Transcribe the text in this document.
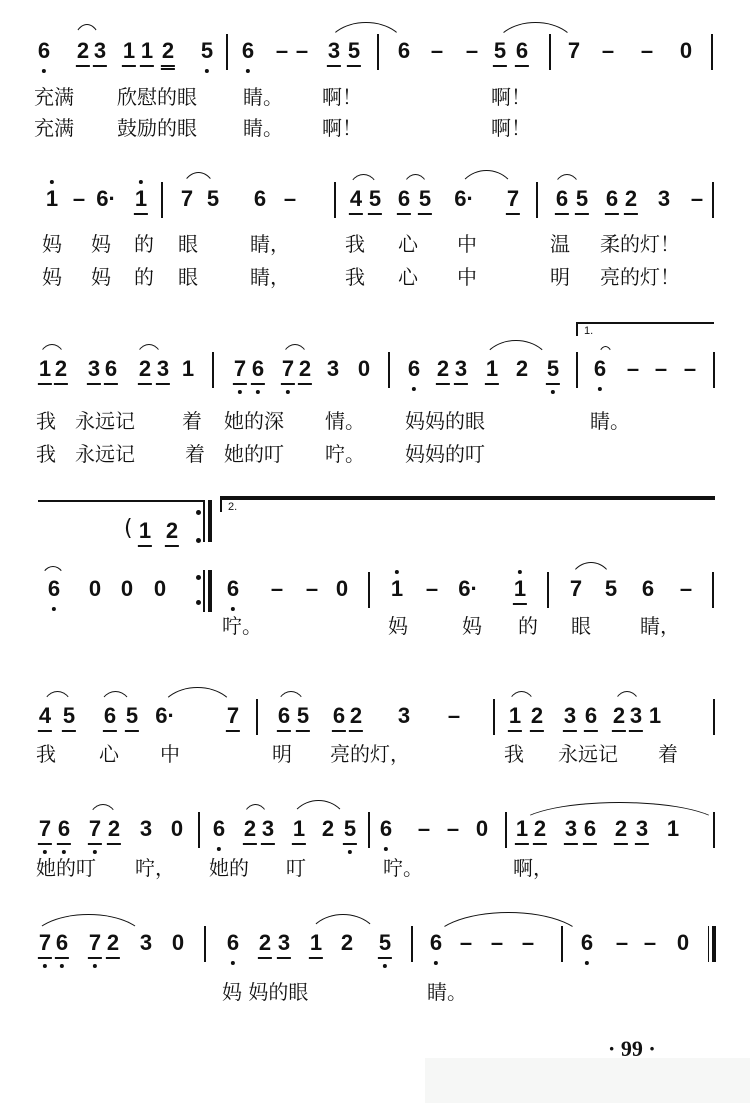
6 2 3 1 1 2 5 6 – – 3 5 6 – – 5 6 7 – – 0
充满 欣慰的眼 睛。 啊！	啊！
充满 鼓励的眼 睛。 啊！	啊！
1 – 6· 1 7 5 6 – 4 5 6 5 6· 7 6 5 6 2 3 –
妈 妈 的 眼	睛，	我 心 中	温 柔的灯！
妈 妈 的 眼	睛，	我 心 中	明 亮的灯！
1 2 3 6 2 3 1 7 6 7 2 3 0 6 2 3 1 2 5 6 – – –
1.
我 永远记 着 她的深 情。 妈妈的眼	睛。
我 永远记	着 她的叮 咛。 妈妈的叮
6 0 0 0	6 – – 0 1 – 6· 1 7 5 6 –
2.
( 1 2
咛。	妈	妈 的 眼 睛，
4 5 6 5 6· 7 6 5 6 2 3 – 1 2 3 6 2 3 1
我 心 中	明 亮的灯，	我 永远记 着
7 6 7 2 3 0 6 2 3 1 2 5 6 – – 0 1 2 3 6 2 3 1
她的叮 咛， 她的 叮	咛。	啊，
7 6 7 2 3 0 6 2 3 1 2 5 6 – – – 6 – – 0
妈 妈的眼	睛。
· 99 ·
